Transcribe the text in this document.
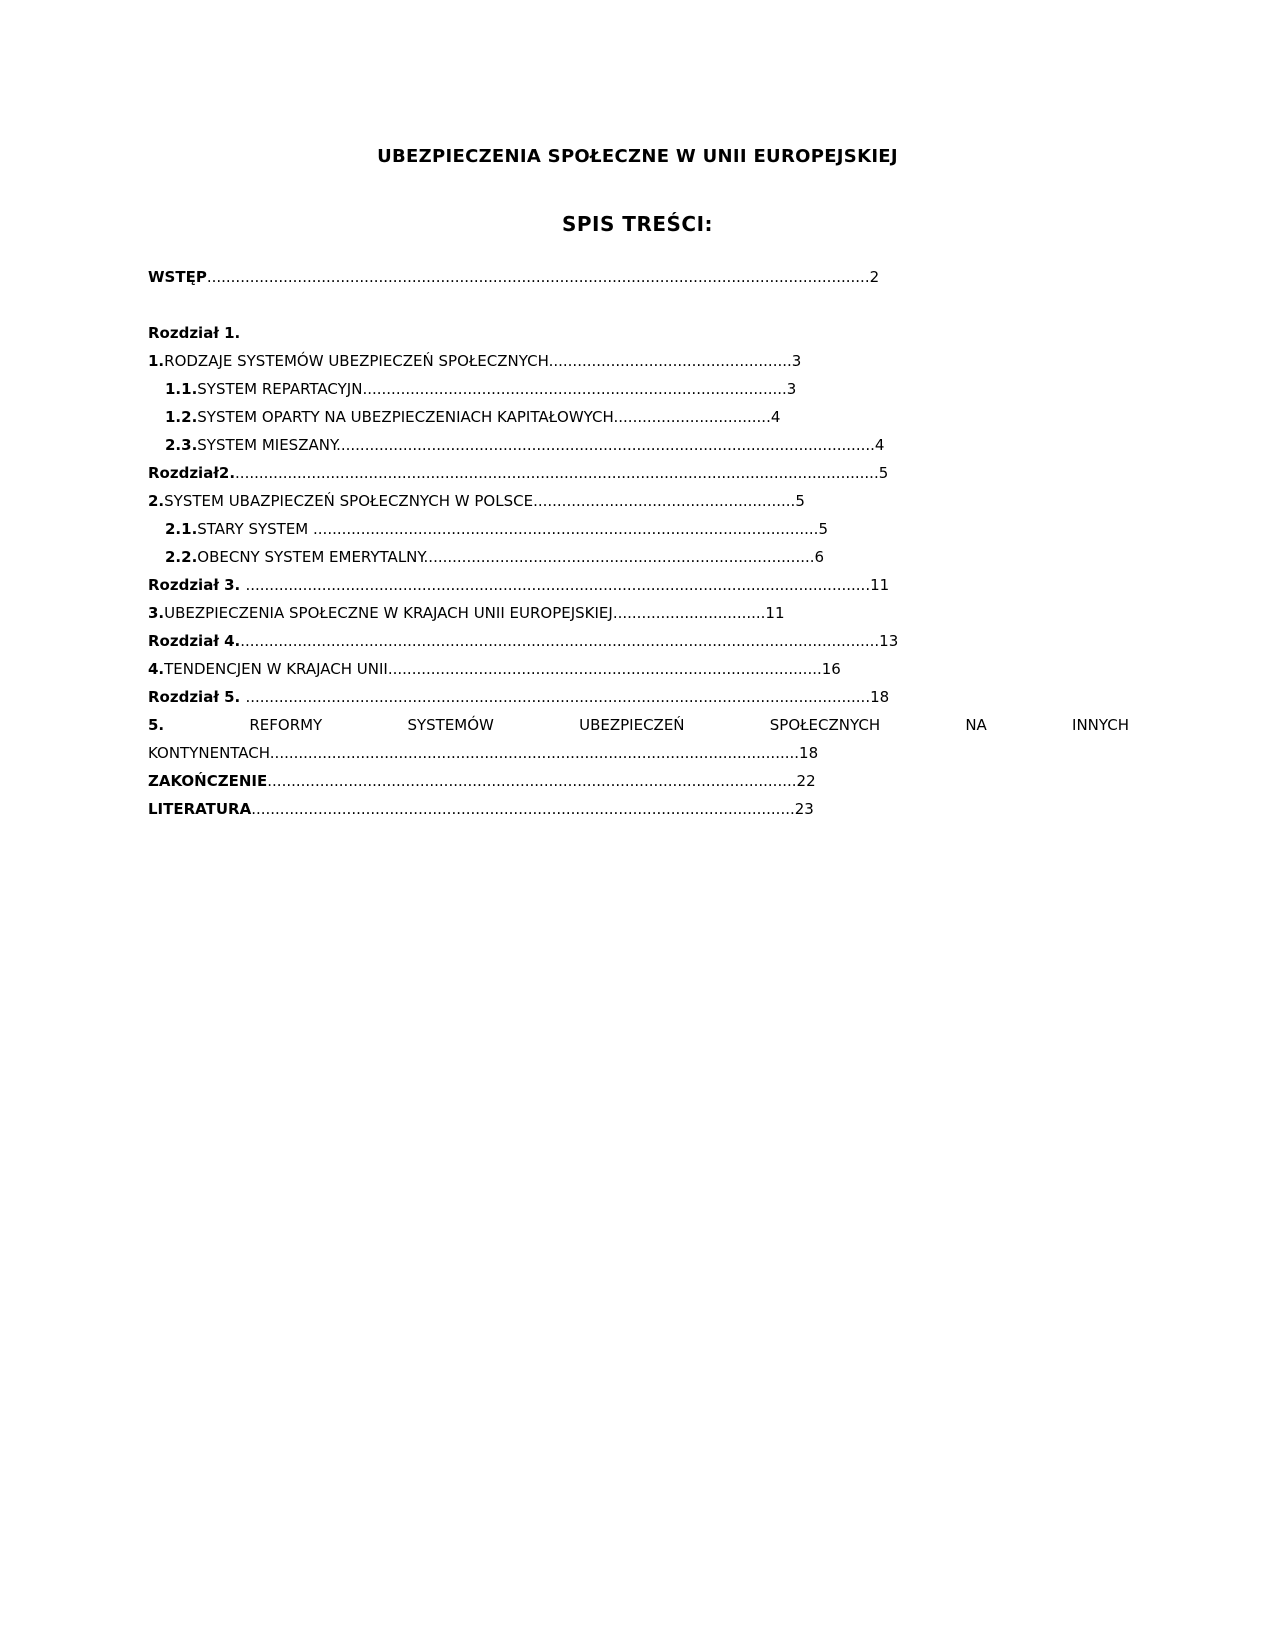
UBEZPIECZENIA SPOŁECZNE W UNII EUROPEJSKIEJ
SPIS TREŚCI:
WSTĘP...........................................................................................................................................2
Rozdział 1.
1.RODZAJE SYSTEMÓW UBEZPIECZEŃ SPOŁECZNYCH...................................................3
1.1.SYSTEM REPARTACYJN.........................................................................................3
1.2.SYSTEM OPARTY NA UBEZPIECZENIACH KAPITAŁOWYCH.................................4
2.3.SYSTEM MIESZANY.................................................................................................................4
Rozdział2........................................................................................................................................5
2.SYSTEM UBAZPIECZEŃ SPOŁECZNYCH W POLSCE.......................................................5
2.1.STARY SYSTEM ..........................................................................................................5
2.2.OBECNY SYSTEM EMERYTALNY..................................................................................6
Rozdział 3. ...................................................................................................................................11
3.UBEZPIECZENIA SPOŁECZNE W KRAJACH UNII EUROPEJSKIEJ................................11
Rozdział 4.......................................................................................................................................13
4.TENDENCJEN W KRAJACH UNII...........................................................................................16
Rozdział 5. ...................................................................................................................................18
5.	REFORMY	SYSTEMÓW	UBEZPIECZEŃ	SPOŁECZNYCH	NA	INNYCH
KONTYNENTACH...............................................................................................................18
ZAKOŃCZENIE...............................................................................................................22
LITERATURA..................................................................................................................23
